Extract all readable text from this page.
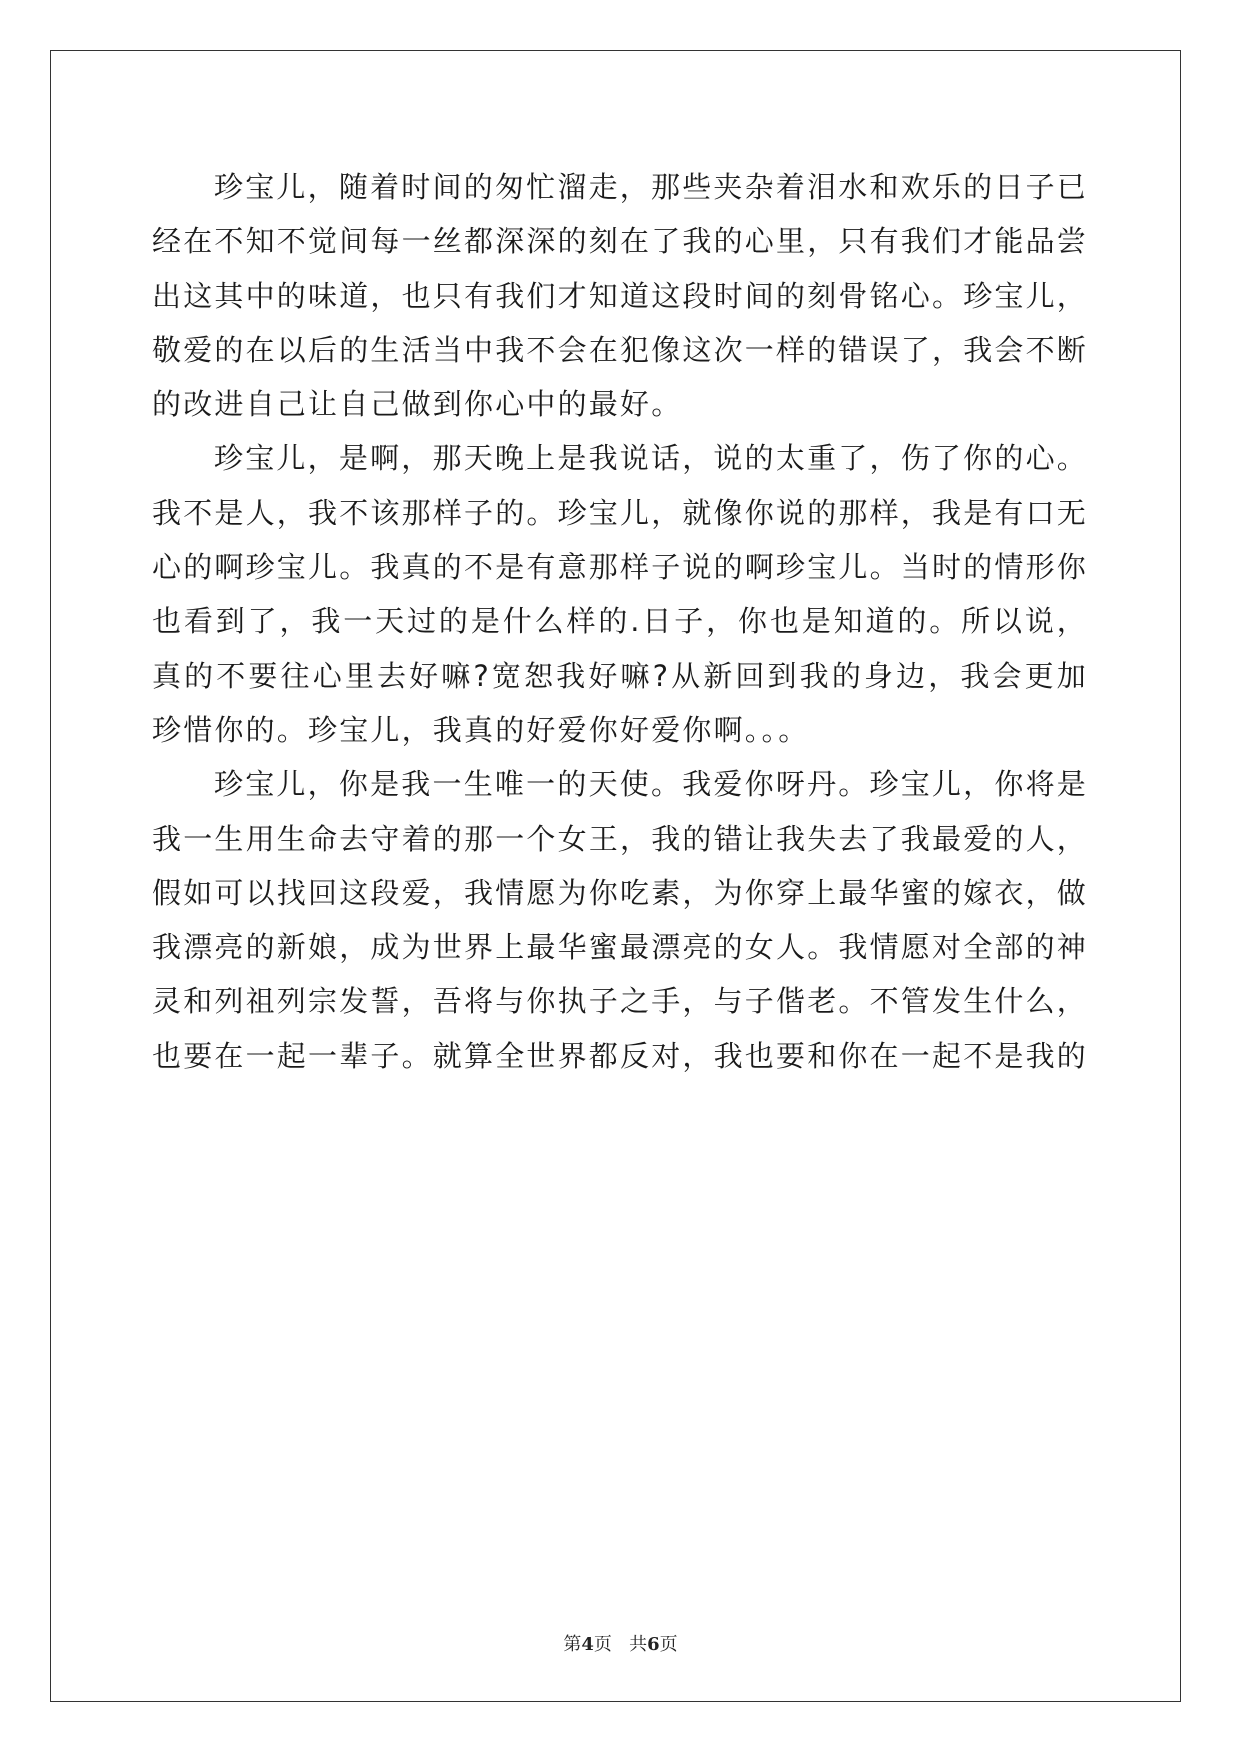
珍宝儿，随着时间的匆忙溜走，那些夹杂着泪水和欢乐的日子已经在不知不觉间每一丝都深深的刻在了我的心里，只有我们才能品尝出这其中的味道，也只有我们才知道这段时间的刻骨铭心。珍宝儿，敬爱的在以后的生活当中我不会在犯像这次一样的错误了，我会不断的改进自己让自己做到你心中的最好。

珍宝儿，是啊，那天晚上是我说话，说的太重了，伤了你的心。我不是人，我不该那样子的。珍宝儿，就像你说的那样，我是有口无心的啊珍宝儿。我真的不是有意那样子说的啊珍宝儿。当时的情形你也看到了，我一天过的是什么样的.日子，你也是知道的。所以说，真的不要往心里去好嘛?宽恕我好嘛?从新回到我的身边，我会更加珍惜你的。珍宝儿，我真的好爱你好爱你啊。。。

珍宝儿，你是我一生唯一的天使。我爱你呀丹。珍宝儿，你将是我一生用生命去守着的那一个女王，我的错让我失去了我最爱的人，假如可以找回这段爱，我情愿为你吃素，为你穿上最华蜜的嫁衣，做我漂亮的新娘，成为世界上最华蜜最漂亮的女人。我情愿对全部的神灵和列祖列宗发誓，吾将与你执子之手，与子偕老。不管发生什么，也要在一起一辈子。就算全世界都反对，我也要和你在一起不是我的

第4页 共6页
